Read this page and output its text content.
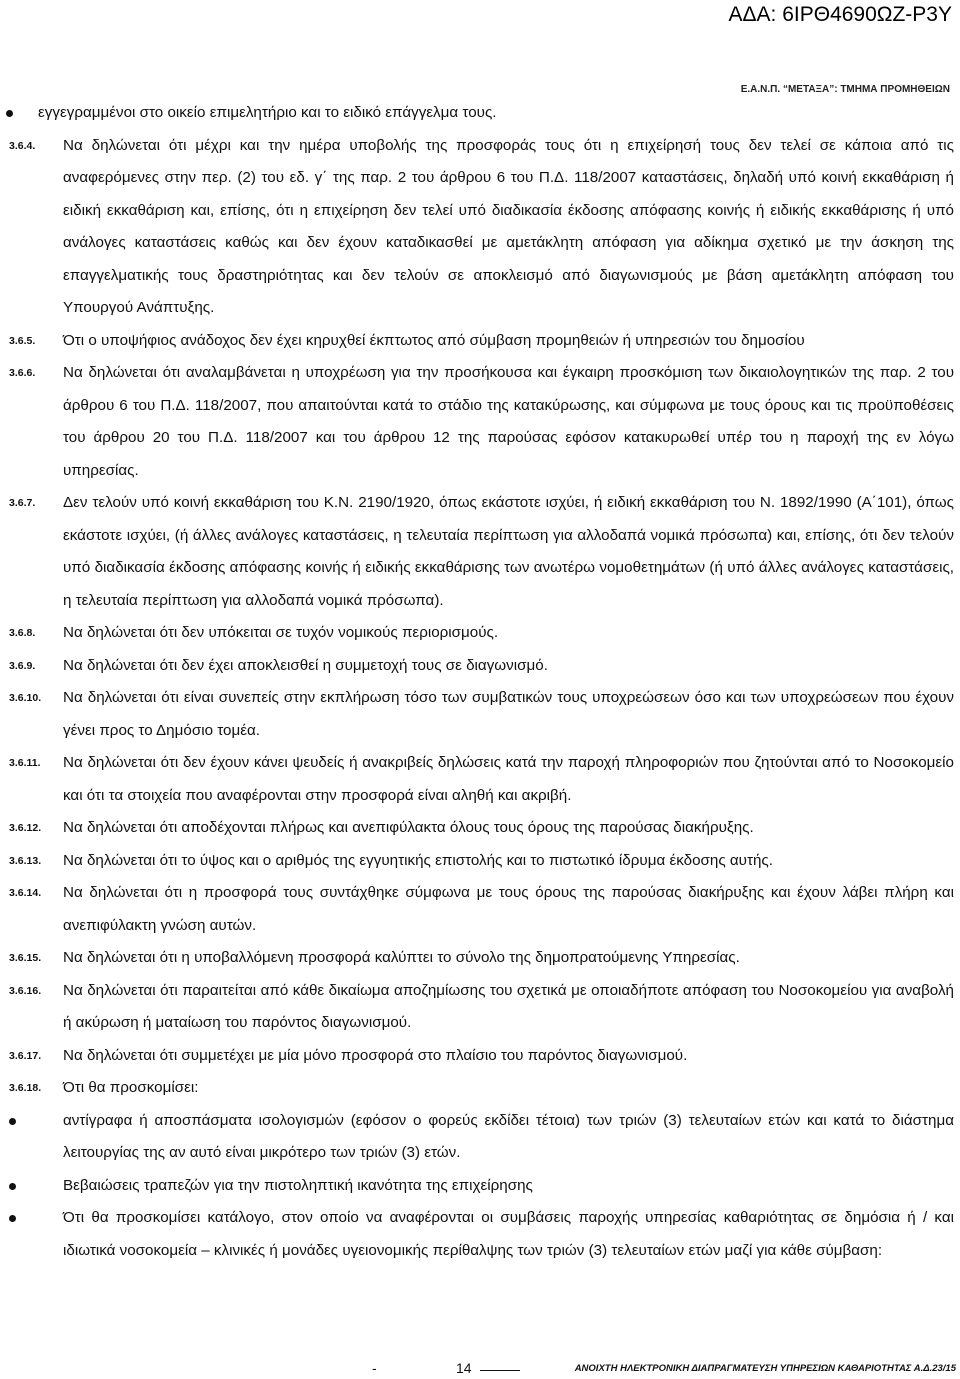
ΑΔΑ: 6ΙΡΘ4690ΩΖ-Ρ3Υ
Ε.Α.Ν.Π. “ΜΕΤΑΞΑ”: ΤΜΗΜΑ ΠΡΟΜΗΘΕΙΩΝ
εγγεγραμμένοι στο οικείο επιμελητήριο και το ειδικό επάγγελμα τους.
3.6.4. Να δηλώνεται ότι μέχρι και την ημέρα υποβολής της προσφοράς τους ότι η επιχείρησή τους δεν τελεί σε κάποια από τις αναφερόμενες στην περ. (2) του εδ. γ΄ της παρ. 2 του άρθρου 6 του Π.Δ. 118/2007 καταστάσεις, δηλαδή υπό κοινή εκκαθάριση ή ειδική εκκαθάριση και, επίσης, ότι η επιχείρηση δεν τελεί υπό διαδικασία έκδοσης απόφασης κοινής ή ειδικής εκκαθάρισης ή υπό ανάλογες καταστάσεις καθώς και δεν έχουν καταδικασθεί με αμετάκλητη απόφαση για αδίκημα σχετικό με την άσκηση της επαγγελματικής τους δραστηριότητας και δεν τελούν σε αποκλεισμό από διαγωνισμούς με βάση αμετάκλητη απόφαση του Υπουργού Ανάπτυξης.
3.6.5. Ότι ο υποψήφιος ανάδοχος δεν έχει κηρυχθεί έκπτωτος από σύμβαση προμηθειών ή υπηρεσιών του δημοσίου
3.6.6. Να δηλώνεται ότι αναλαμβάνεται η υποχρέωση για την προσήκουσα και έγκαιρη προσκόμιση των δικαιολογητικών της παρ. 2 του άρθρου 6 του Π.Δ. 118/2007, που απαιτούνται κατά το στάδιο της κατακύρωσης, και σύμφωνα με τους όρους και τις προϋποθέσεις του άρθρου 20 του Π.Δ. 118/2007 και του άρθρου 12 της παρούσας εφόσον κατακυρωθεί υπέρ του η παροχή της εν λόγω υπηρεσίας.
3.6.7. Δεν τελούν υπό κοινή εκκαθάριση του Κ.Ν. 2190/1920, όπως εκάστοτε ισχύει, ή ειδική εκκαθάριση του Ν. 1892/1990 (Α΄101), όπως εκάστοτε ισχύει, (ή άλλες ανάλογες καταστάσεις, η τελευταία περίπτωση για αλλοδαπά νομικά πρόσωπα) και, επίσης, ότι δεν τελούν υπό διαδικασία έκδοσης απόφασης κοινής ή ειδικής εκκαθάρισης των ανωτέρω νομοθετημάτων (ή υπό άλλες ανάλογες καταστάσεις, η τελευταία περίπτωση για αλλοδαπά νομικά πρόσωπα).
3.6.8. Να δηλώνεται ότι δεν υπόκειται σε τυχόν νομικούς περιορισμούς.
3.6.9. Να δηλώνεται ότι δεν έχει αποκλεισθεί η συμμετοχή τους σε διαγωνισμό.
3.6.10. Να δηλώνεται ότι είναι συνεπείς στην εκπλήρωση τόσο των συμβατικών τους υποχρεώσεων όσο και των υποχρεώσεων που έχουν γένει προς το Δημόσιο τομέα.
3.6.11. Να δηλώνεται ότι δεν έχουν κάνει ψευδείς ή ανακριβείς δηλώσεις κατά την παροχή πληροφοριών που ζητούνται από το Νοσοκομείο και ότι τα στοιχεία που αναφέρονται στην προσφορά είναι αληθή και ακριβή.
3.6.12. Να δηλώνεται ότι αποδέχονται πλήρως και ανεπιφύλακτα όλους τους όρους της παρούσας διακήρυξης.
3.6.13. Να δηλώνεται ότι το ύψος και ο αριθμός της εγγυητικής επιστολής και το πιστωτικό ίδρυμα έκδοσης αυτής.
3.6.14. Να δηλώνεται ότι η προσφορά τους συντάχθηκε σύμφωνα με τους όρους της παρούσας διακήρυξης και έχουν λάβει πλήρη και ανεπιφύλακτη γνώση αυτών.
3.6.15. Να δηλώνεται ότι η υποβαλλόμενη προσφορά καλύπτει το σύνολο της δημοπρατούμενης Υπηρεσίας.
3.6.16. Να δηλώνεται ότι παραιτείται από κάθε δικαίωμα αποζημίωσης του σχετικά με οποιαδήποτε απόφαση του Νοσοκομείου για αναβολή ή ακύρωση ή ματαίωση του παρόντος διαγωνισμού.
3.6.17. Να δηλώνεται ότι συμμετέχει με μία μόνο προσφορά στο πλαίσιο του παρόντος διαγωνισμού.
3.6.18. Ότι θα προσκομίσει:
αντίγραφα ή αποσπάσματα ισολογισμών (εφόσον ο φορεύς εκδίδει τέτοια) των τριών (3) τελευταίων ετών και κατά το διάστημα λειτουργίας της αν αυτό είναι μικρότερο των τριών (3) ετών.
Βεβαιώσεις τραπεζών για την πιστοληπτική ικανότητα της επιχείρησης
Ότι θα προσκομίσει κατάλογο, στον οποίο να αναφέρονται οι συμβάσεις παροχής υπηρεσίας καθαριότητας σε δημόσια ή / και ιδιωτικά νοσοκομεία – κλινικές ή μονάδες υγειονομικής περίθαλψης των τριών (3) τελευταίων ετών μαζί για κάθε σύμβαση:
-	14	ΑΝΟΙΧΤΗ ΗΛΕΚΤΡΟΝΙΚΗ ΔΙΑΠΡΑΓΜΑΤΕΥΣΗ ΥΠΗΡΕΣΙΩΝ ΚΑΘΑΡΙΟΤΗΤΑΣ Α.Δ.23/15
